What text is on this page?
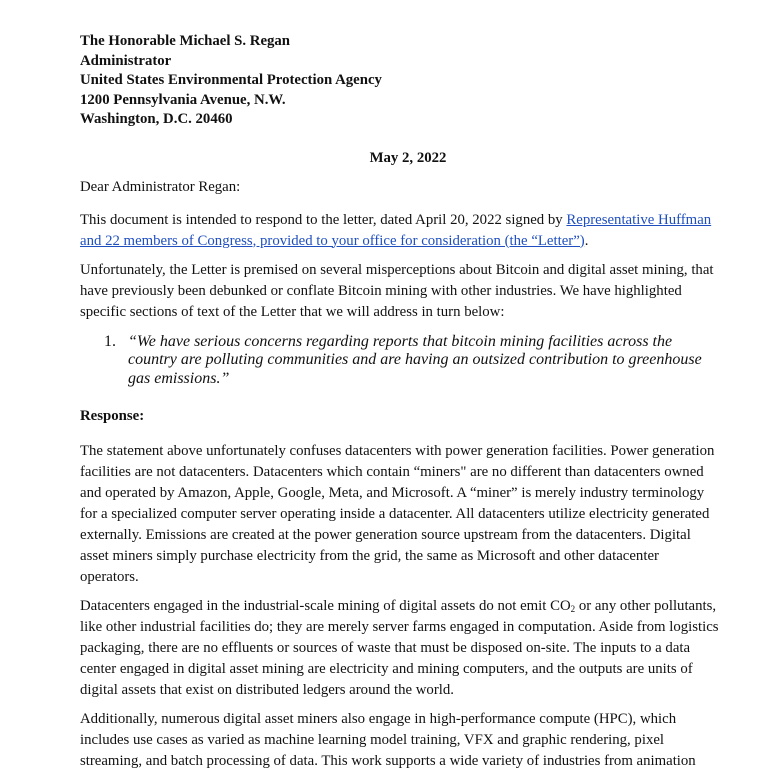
The Honorable Michael S. Regan
Administrator
United States Environmental Protection Agency
1200 Pennsylvania Avenue, N.W.
Washington, D.C. 20460
May 2, 2022
Dear Administrator Regan:

This document is intended to respond to the letter, dated April 20, 2022 signed by Representative Huffman and 22 members of Congress, provided to your office for consideration (the “Letter”).

Unfortunately, the Letter is premised on several misperceptions about Bitcoin and digital asset mining, that have previously been debunked or conflate Bitcoin mining with other industries. We have highlighted specific sections of text of the Letter that we will address in turn below:

1. “We have serious concerns regarding reports that bitcoin mining facilities across the country are polluting communities and are having an outsized contribution to greenhouse gas emissions.”
Response:

The statement above unfortunately confuses datacenters with power generation facilities. Power generation facilities are not datacenters. Datacenters which contain “miners" are no different than datacenters owned and operated by Amazon, Apple, Google, Meta, and Microsoft. A “miner” is merely industry terminology for a specialized computer server operating inside a datacenter. All datacenters utilize electricity generated externally. Emissions are created at the power generation source upstream from the datacenters. Digital asset miners simply purchase electricity from the grid, the same as Microsoft and other datacenter operators.

Datacenters engaged in the industrial-scale mining of digital assets do not emit $CO_2$ or any other pollutants, like other industrial facilities do; they are merely server farms engaged in computation. Aside from logistics packaging, there are no effluents or sources of waste that must be disposed on-site. The inputs to a data center engaged in digital asset mining are electricity and mining computers, and the outputs are units of digital assets that exist on distributed ledgers around the world.

Additionally, numerous digital asset miners also engage in high-performance compute (HPC), which includes use cases as varied as machine learning model training, VFX and graphic rendering, pixel streaming, and batch processing of data. This work supports a wide variety of industries from animation
